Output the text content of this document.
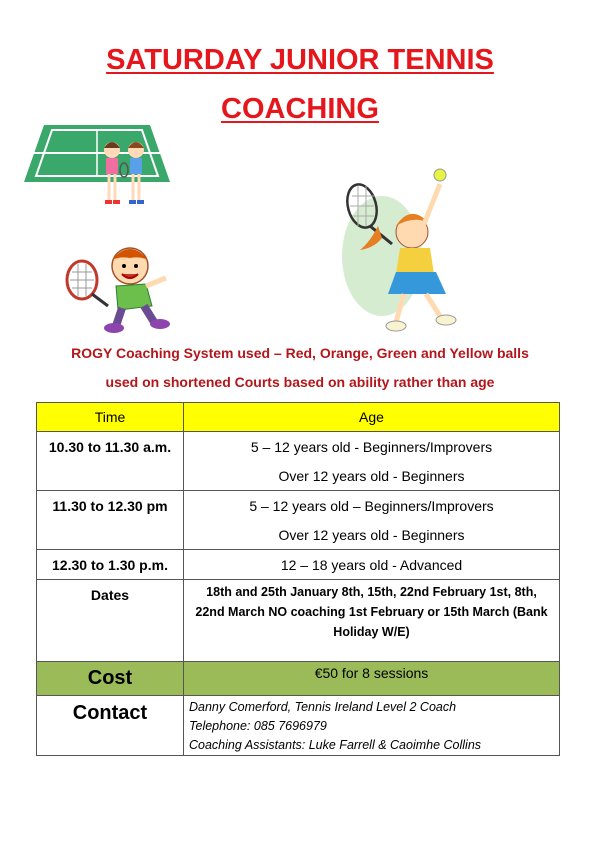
SATURDAY JUNIOR TENNIS
COACHING

ROGY Coaching System used – Red, Orange, Green and Yellow balls

used on shortened Courts based on ability rather than age

Time	Age

10.30 to 11.30 a.m.	5 – 12 years old - Beginners/Improvers
Over 12 years old - Beginners

11.30 to 12.30 pm	5 – 12 years old – Beginners/Improvers
Over 12 years old - Beginners

12.30 to 1.30 p.m.	12 – 18 years old - Advanced

Dates	18th and 25th January 8th, 15th, 22nd February 1st, 8th,
22nd March NO coaching 1st February or 15th March (Bank
Holiday W/E)

Cost	€50 for 8 sessions
Contact	Danny Comerford, Tennis Ireland Level 2 Coach
Telephone: 085 7696979
Coaching Assistants: Luke Farrell & Caoimhe Collins
